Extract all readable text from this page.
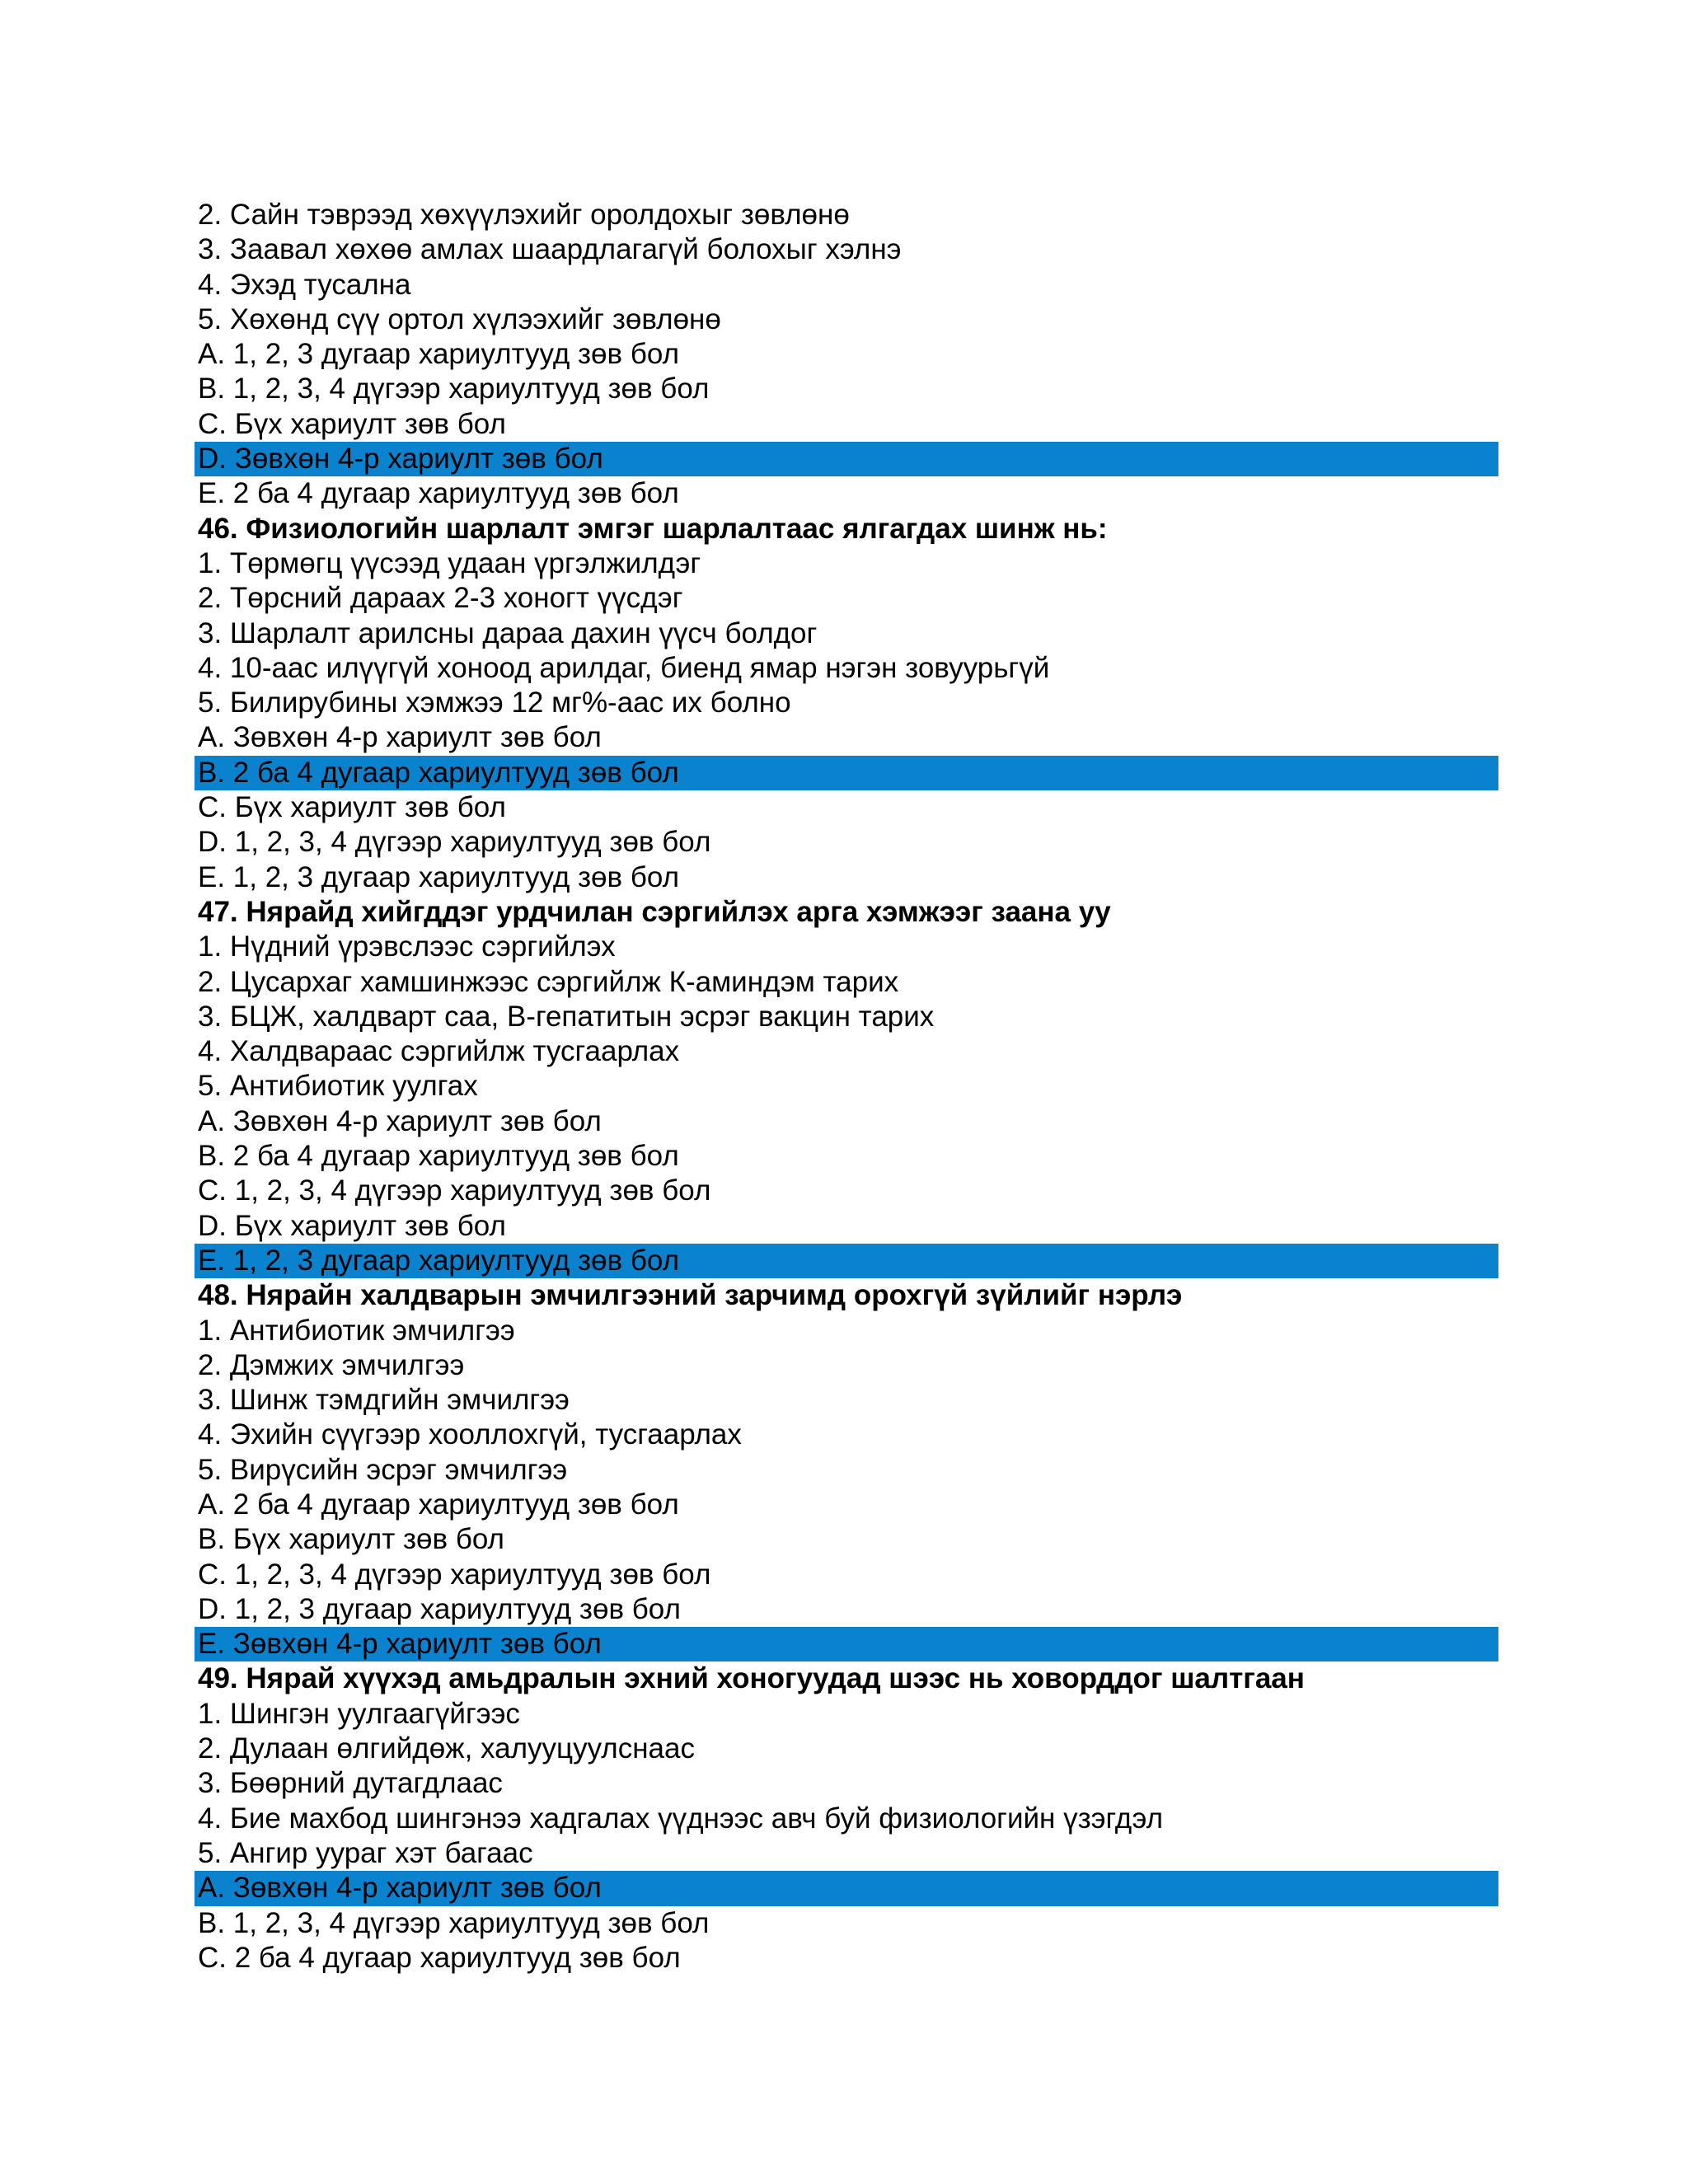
2. Сайн тэврээд хөхүүлэхийг оролдохыг зөвлөнө
3. Заавал хөхөө амлах шаардлагагүй болохыг хэлнэ
4. Эхэд тусална
5. Хөхөнд сүү ортол хүлээхийг зөвлөнө
A. 1, 2, 3 дугаар хариултууд зөв бол
B. 1, 2, 3, 4 дүгээр хариултууд зөв бол
C. Бүх хариулт зөв бол
D. Зөвхөн 4-р хариулт зөв бол
E. 2 ба 4 дугаар хариултууд зөв бол
46. Физиологийн шарлалт эмгэг шарлалтаас ялгагдах шинж нь:
1. Төрмөгц үүсээд удаан үргэлжилдэг
2. Төрсний дараах 2-3 хоногт үүсдэг
3. Шарлалт арилсны дараа дахин үүсч болдог
4. 10-аас илүүгүй хоноод арилдаг, биенд ямар нэгэн зовуурьгүй
5. Билирубины хэмжээ 12 мг%-аас их болно
A. Зөвхөн 4-р хариулт зөв бол
B. 2 ба 4 дугаар хариултууд зөв бол
C. Бүх хариулт зөв бол
D. 1, 2, 3, 4 дүгээр хариултууд зөв бол
E. 1, 2, 3 дугаар хариултууд зөв бол
47. Нярайд хийгддэг урдчилан сэргийлэх арга хэмжээг заана уу
1. Нүдний үрэвслээс сэргийлэх
2. Цусархаг хамшинжээс сэргийлж К-аминдэм тарих
3. БЦЖ, халдварт саа, В-гепатитын эсрэг вакцин тарих
4. Халдвараас сэргийлж тусгаарлах
5. Антибиотик уулгах
A. Зөвхөн 4-р хариулт зөв бол
B. 2 ба 4 дугаар хариултууд зөв бол
C. 1, 2, 3, 4 дүгээр хариултууд зөв бол
D. Бүх хариулт зөв бол
E. 1, 2, 3 дугаар хариултууд зөв бол
48. Нярайн халдварын эмчилгээний зарчимд орохгүй зүйлийг нэрлэ
1. Антибиотик эмчилгээ
2. Дэмжих эмчилгээ
3. Шинж тэмдгийн эмчилгээ
4. Эхийн сүүгээр хооллохгүй, тусгаарлах
5. Вирүсийн эсрэг эмчилгээ
A. 2 ба 4 дугаар хариултууд зөв бол
B. Бүх хариулт зөв бол
C. 1, 2, 3, 4 дүгээр хариултууд зөв бол
D. 1, 2, 3 дугаар хариултууд зөв бол
E. Зөвхөн 4-р хариулт зөв бол
49. Нярай хүүхэд амьдралын эхний хоногуудад шээс нь ховорддог шалтгаан
1. Шингэн уулгаагүйгээс
2. Дулаан өлгийдөж, халууцуулснаас
3. Бөөрний дутагдлаас
4. Бие махбод шингэнээ хадгалах үүднээс авч буй физиологийн үзэгдэл
5. Ангир уураг хэт багаас
A. Зөвхөн 4-р хариулт зөв бол
B. 1, 2, 3, 4 дүгээр хариултууд зөв бол
C. 2 ба 4 дугаар хариултууд зөв бол
